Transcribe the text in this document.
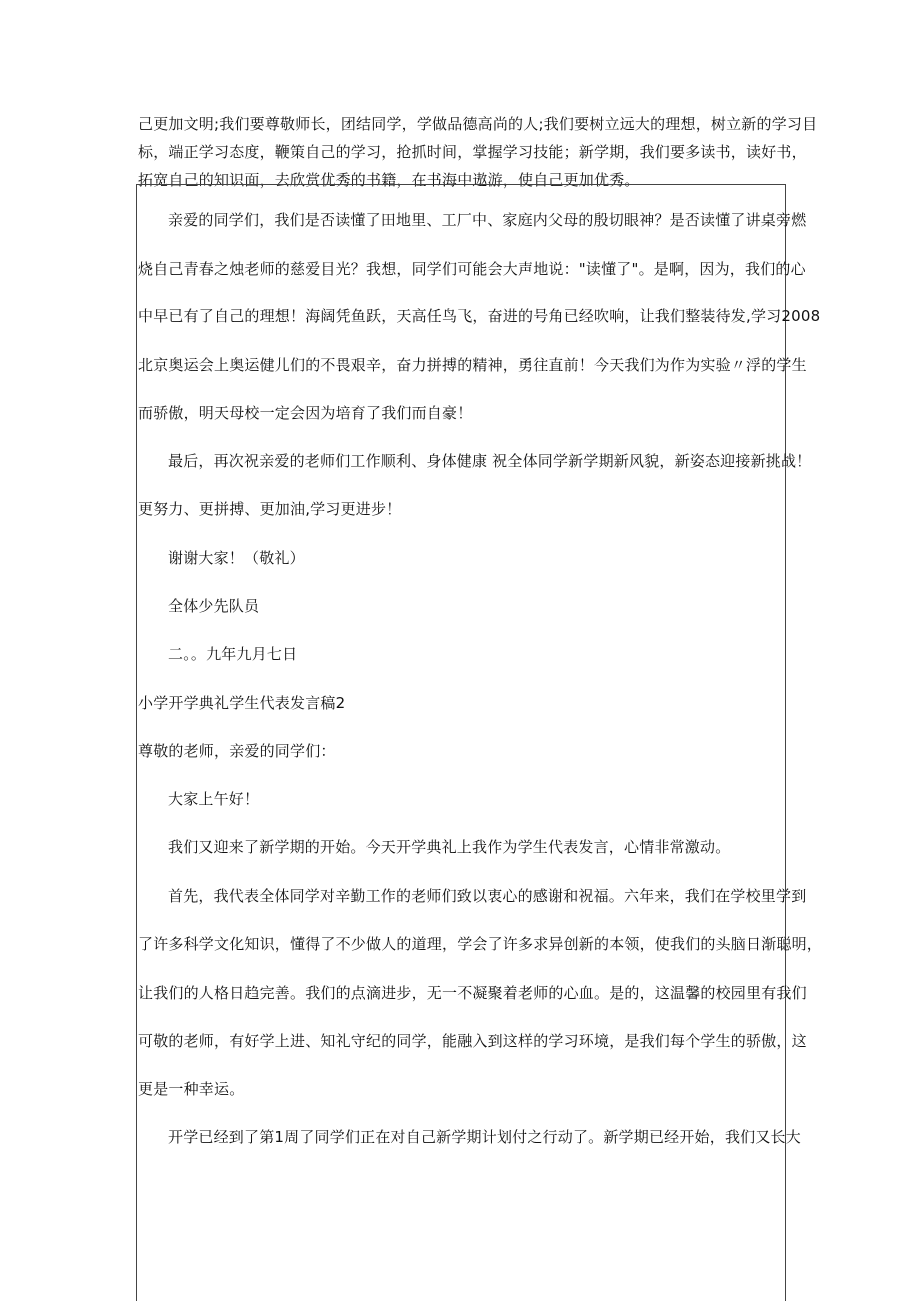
己更加文明;我们要尊敬师长，团结同学，学做品德高尚的人;我们要树立远大的理想，树立新的学习目
标，端正学习态度，鞭策自己的学习，抢抓时间，掌握学习技能；新学期，我们要多读书，读好书，
拓宽自己的知识面，去欣赏优秀的书籍，在书海中遨游，使自己更加优秀。
亲爱的同学们，我们是否读懂了田地里、工厂中、家庭内父母的殷切眼神？是否读懂了讲桌旁燃
烧自己青春之烛老师的慈爱目光？我想，同学们可能会大声地说："读懂了"。是啊，因为，我们的心
中早已有了自己的理想！海阔凭鱼跃，天高任鸟飞，奋进的号角已经吹响，让我们整装待发,学习2008
北京奥运会上奥运健儿们的不畏艰辛，奋力拼搏的精神，勇往直前！今天我们为作为实验〃浮的学生
而骄傲，明天母校一定会因为培育了我们而自豪！
最后，再次祝亲爱的老师们工作顺利、身体健康 祝全体同学新学期新风貌，新姿态迎接新挑战！
更努力、更拼搏、更加油,学习更进步！
谢谢大家！（敬礼）
全体少先队员
二。。九年九月七日
小学开学典礼学生代表发言稿2
尊敬的老师，亲爱的同学们：
大家上午好！
我们又迎来了新学期的开始。今天开学典礼上我作为学生代表发言，心情非常激动。
首先，我代表全体同学对辛勤工作的老师们致以衷心的感谢和祝福。六年来，我们在学校里学到
了许多科学文化知识，懂得了不少做人的道理，学会了许多求异创新的本领，使我们的头脑日渐聪明，
让我们的人格日趋完善。我们的点滴进步，无一不凝聚着老师的心血。是的，这温馨的校园里有我们
可敬的老师，有好学上进、知礼守纪的同学，能融入到这样的学习环境，是我们每个学生的骄傲，这
更是一种幸运。
开学已经到了第1周了同学们正在对自己新学期计划付之行动了。新学期已经开始，我们又长大
